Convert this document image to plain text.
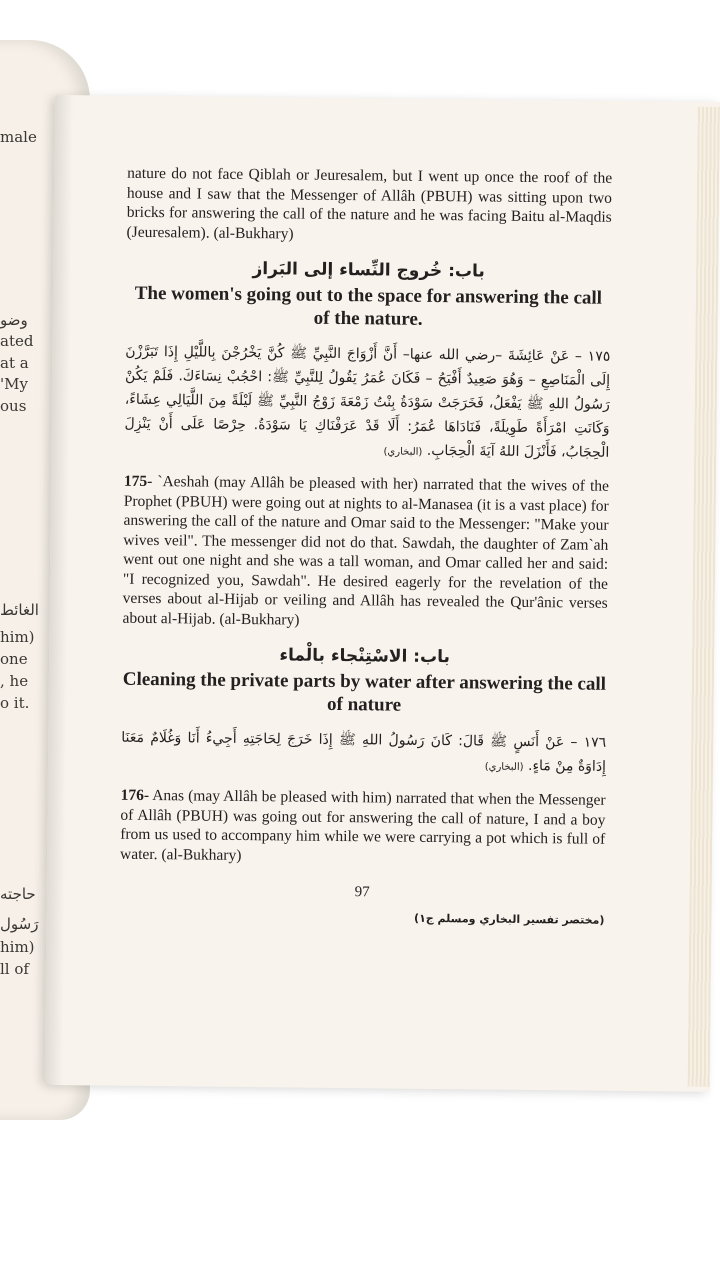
male
وضو
ated
at a
'My
ous
الغائط
him)
one
, he
o it.
حاجته
رَسُول
him)
ll of

nature do not face Qiblah or Jeuresalem, but I went up once the roof of the house and I saw that the Messenger of Allâh (PBUH) was sitting upon two bricks for answering the call of the nature and he was facing Baitu al-Maqdis (Jeuresalem). (al-Bukhary)

باب: خُروج النِّساء إلى البَراز
The women's going out to the space for answering the call of the nature.

١٧٥ – عَنْ عَائِشَةَ –رضي الله عنها– أَنَّ أَزْوَاجَ النَّبِيِّ ﷺ كُنَّ يَخْرُجْنَ بِاللَّيْلِ إِذَا تَبَرَّزْنَ إِلَى الْمَنَاصِعِ – وَهُوَ صَعِيدٌ أَفْيَحُ – فَكَانَ عُمَرُ يَقُولُ لِلنَّبِيِّ ﷺ: احْجُبْ نِسَاءَكَ. فَلَمْ يَكُنْ رَسُولُ اللهِ ﷺ يَفْعَلُ، فَخَرَجَتْ سَوْدَةُ بِنْتُ زَمْعَةَ زَوْجُ النَّبِيِّ ﷺ لَيْلَةً مِنَ اللَّيَالِي عِشَاءً، وَكَانَتِ امْرَأَةً طَوِيلَةً، فَنَادَاهَا عُمَرُ: أَلَا قَدْ عَرَفْنَاكِ يَا سَوْدَةُ. حِرْصًا عَلَى أَنْ يَنْزِلَ الْحِجَابُ، فَأَنْزَلَ اللهُ آيَةَ الْحِجَابِ. (البخاري)

175- `Aeshah (may Allâh be pleased with her) narrated that the wives of the Prophet (PBUH) were going out at nights to al-Manasea (it is a vast place) for answering the call of the nature and Omar said to the Messenger: "Make your wives veil". The messenger did not do that. Sawdah, the daughter of Zam`ah went out one night and she was a tall woman, and Omar called her and said: "I recognized you, Sawdah". He desired eagerly for the revelation of the verses about al-Hijab or veiling and Allâh has revealed the Qur'ânic verses about al-Hijab. (al-Bukhary)

باب: الاسْتِنْجاء بالْماء
Cleaning the private parts by water after answering the call of nature

١٧٦ – عَنْ أَنَسٍ ﷺ قَالَ: كَانَ رَسُولُ اللهِ ﷺ إِذَا خَرَجَ لِحَاجَتِهِ أَجِيءُ أَنَا وَغُلَامٌ مَعَنَا إِدَاوَةٌ مِنْ مَاءٍ. (البخاري)

176- Anas (may Allâh be pleased with him) narrated that when the Messenger of Allâh (PBUH) was going out for answering the call of nature, I and a boy from us used to accompany him while we were carrying a pot which is full of water. (al-Bukhary)

97
(مختصر تفسير البخاري ومسلم ج١)
